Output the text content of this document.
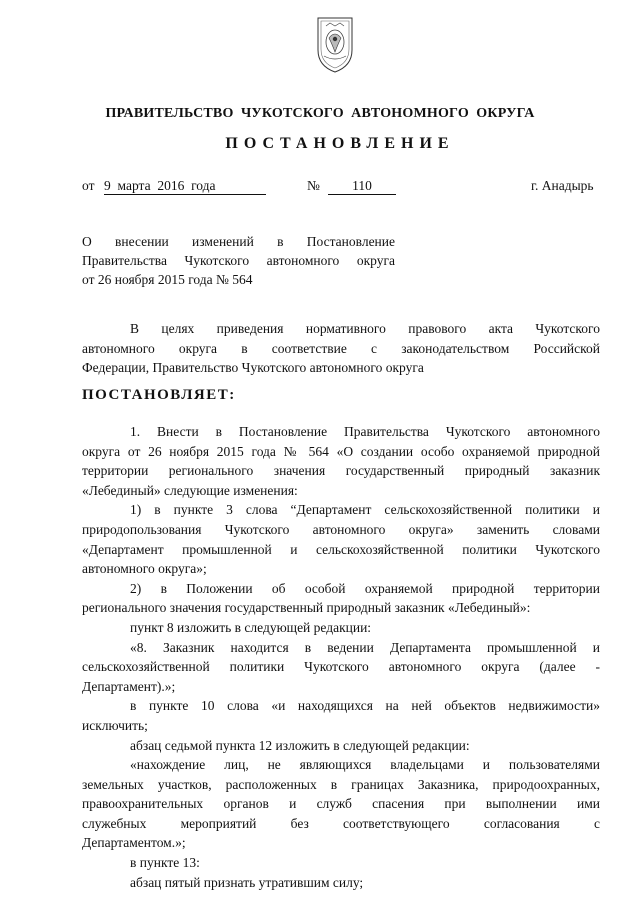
ПРАВИТЕЛЬСТВО  ЧУКОТСКОГО  АВТОНОМНОГО  ОКРУГА
ПОСТАНОВЛЕНИЕ
от 9  марта  2016  года	№	110	г. Анадырь
О внесении изменений в Постановление
Правительства Чукотского автономного округа
от 26 ноября 2015 года № 564
В целях приведения нормативного правового акта Чукотского
автономного округа в соответствие с законодательством Российской
Федерации, Правительство Чукотского автономного округа
ПОСТАНОВЛЯЕТ:
1. Внести в Постановление Правительства Чукотского автономного
округа от 26 ноября 2015 года № 564 «О создании особо охраняемой природной
территории регионального значения государственный природный заказник
«Лебединый» следующие изменения:
1) в пункте 3 слова “Департамент сельскохозяйственной политики и
природопользования Чукотского автономного округа» заменить словами
«Департамент промышленной и сельскохозяйственной политики Чукотского
автономного округа»;
2) в Положении об особой охраняемой природной территории
регионального значения государственный природный заказник «Лебединый»:
пункт 8 изложить в следующей редакции:
«8. Заказник находится в ведении Департамента промышленной и
сельскохозяйственной политики Чукотского автономного округа (далее -
Департамент).»;
в пункте 10 слова «и находящихся на ней объектов недвижимости»
исключить;
абзац седьмой пункта 12 изложить в следующей редакции:
«нахождение лиц, не являющихся владельцами и пользователями
земельных участков, расположенных в границах Заказника, природоохранных,
правоохранительных органов и служб спасения при выполнении ими
служебных мероприятий без соответствующего согласования с
Департаментом.»;
в пункте 13:
абзац пятый признать утратившим силу;
